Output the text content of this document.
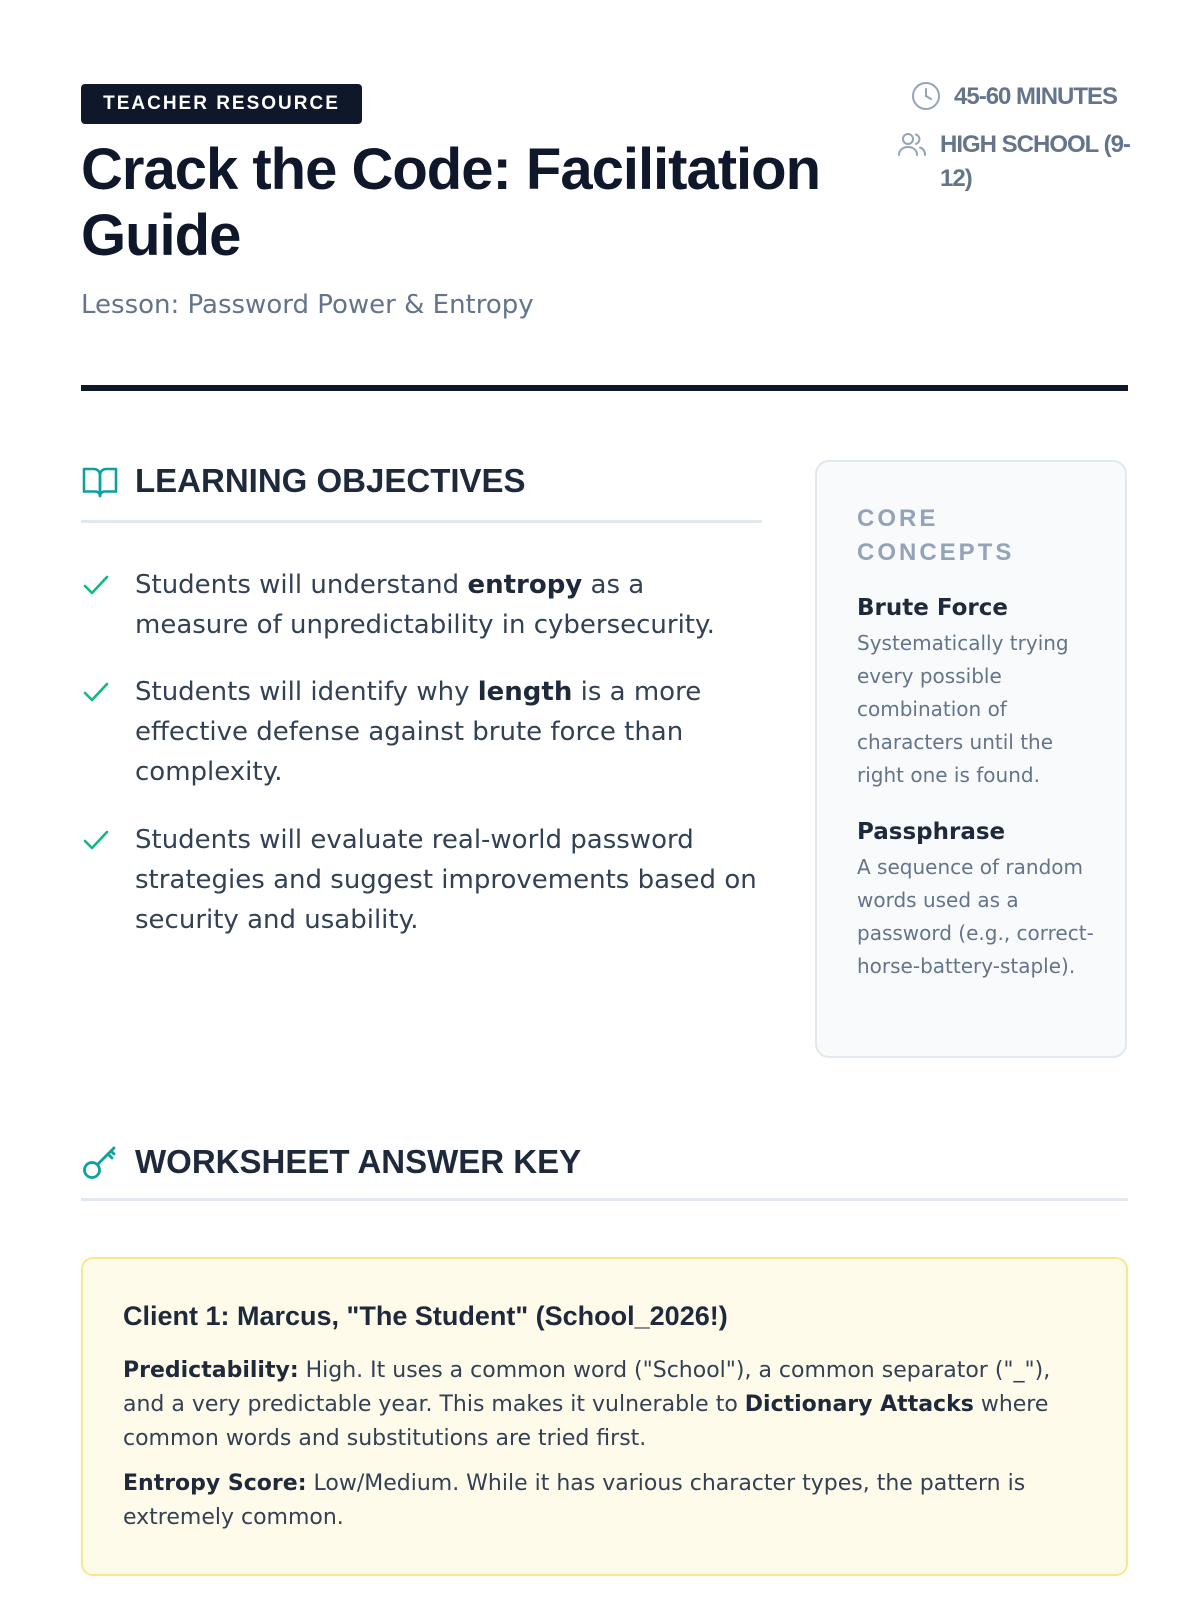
TEACHER RESOURCE
Crack the Code: Facilitation Guide
Lesson: Password Power & Entropy
45-60 MINUTES
HIGH SCHOOL (9-12)
LEARNING OBJECTIVES
Students will understand entropy as a measure of unpredictability in cybersecurity.
Students will identify why length is a more effective defense against brute force than complexity.
Students will evaluate real-world password strategies and suggest improvements based on security and usability.
CORE CONCEPTS
Brute Force
Systematically trying every possible combination of characters until the right one is found.
Passphrase
A sequence of random words used as a password (e.g., correct-horse-battery-staple).
WORKSHEET ANSWER KEY
Client 1: Marcus, "The Student" (School_2026!)

Predictability: High. It uses a common word ("School"), a common separator ("_"), and a very predictable year. This makes it vulnerable to Dictionary Attacks where common words and substitutions are tried first.

Entropy Score: Low/Medium. While it has various character types, the pattern is extremely common.
